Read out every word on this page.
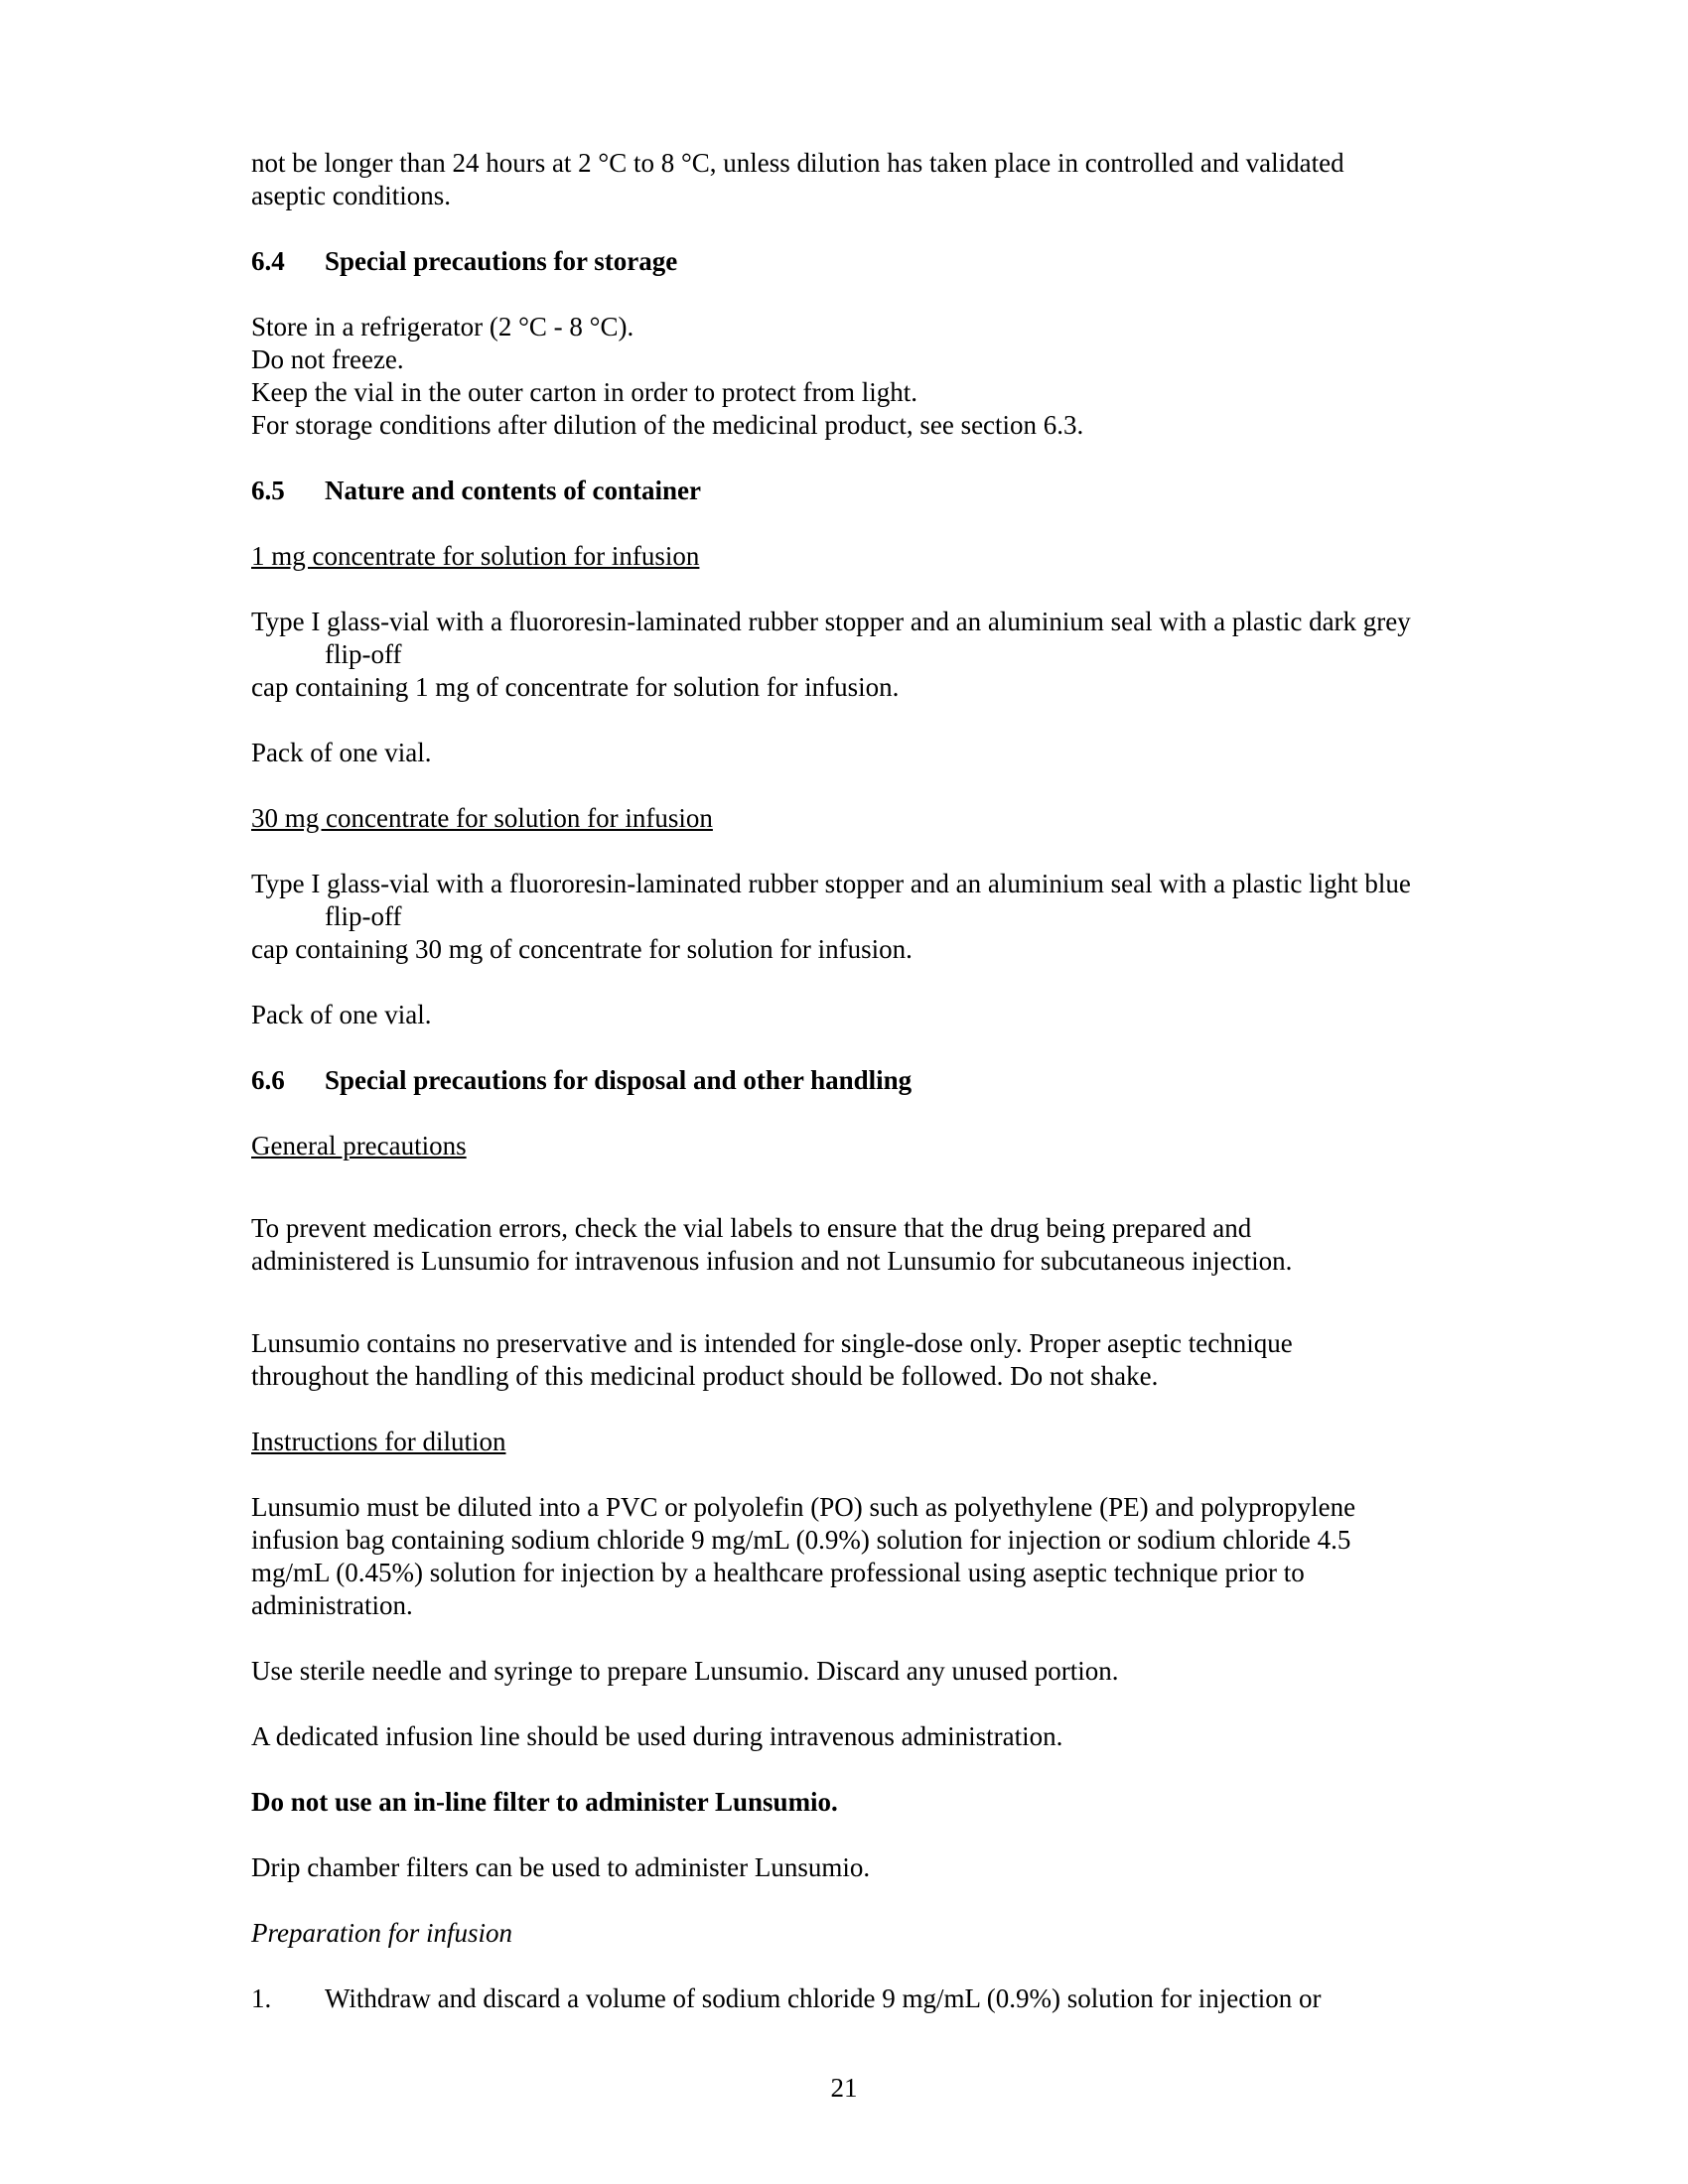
not be longer than 24 hours at 2 °C to 8 °C, unless dilution has taken place in controlled and validated

aseptic conditions.

6.4	Special precautions for storage

Store in a refrigerator (2 °C - 8 °C).

Do not freeze.

Keep the vial in the outer carton in order to protect from light.

For storage conditions after dilution of the medicinal product, see section 6.3.

6.5	Nature and contents of container

1 mg concentrate for solution for infusion

Type I glass-vial with a fluororesin-laminated rubber stopper and an aluminium seal with a plastic dark grey flip-off

cap containing 1 mg of concentrate for solution for infusion.

Pack of one vial.

30 mg concentrate for solution for infusion

Type I glass-vial with a fluororesin-laminated rubber stopper and an aluminium seal with a plastic light blue flip-off

cap containing 30 mg of concentrate for solution for infusion.

Pack of one vial.

6.6	Special precautions for disposal and other handling

General precautions

To prevent medication errors, check the vial labels to ensure that the drug being prepared and

administered is Lunsumio for intravenous infusion and not Lunsumio for subcutaneous injection.

Lunsumio contains no preservative and is intended for single-dose only. Proper aseptic technique

throughout the handling of this medicinal product should be followed. Do not shake.

Instructions for dilution

Lunsumio must be diluted into a PVC or polyolefin (PO) such as polyethylene (PE) and polypropylene

infusion bag containing sodium chloride 9 mg/mL (0.9%) solution for injection or sodium chloride 4.5

mg/mL (0.45%) solution for injection by a healthcare professional using aseptic technique prior to

administration.

Use sterile needle and syringe to prepare Lunsumio. Discard any unused portion.

A dedicated infusion line should be used during intravenous administration.

Do not use an in-line filter to administer Lunsumio.

Drip chamber filters can be used to administer Lunsumio.

Preparation for infusion

1.	Withdraw and discard a volume of sodium chloride 9 mg/mL (0.9%) solution for injection or
21
